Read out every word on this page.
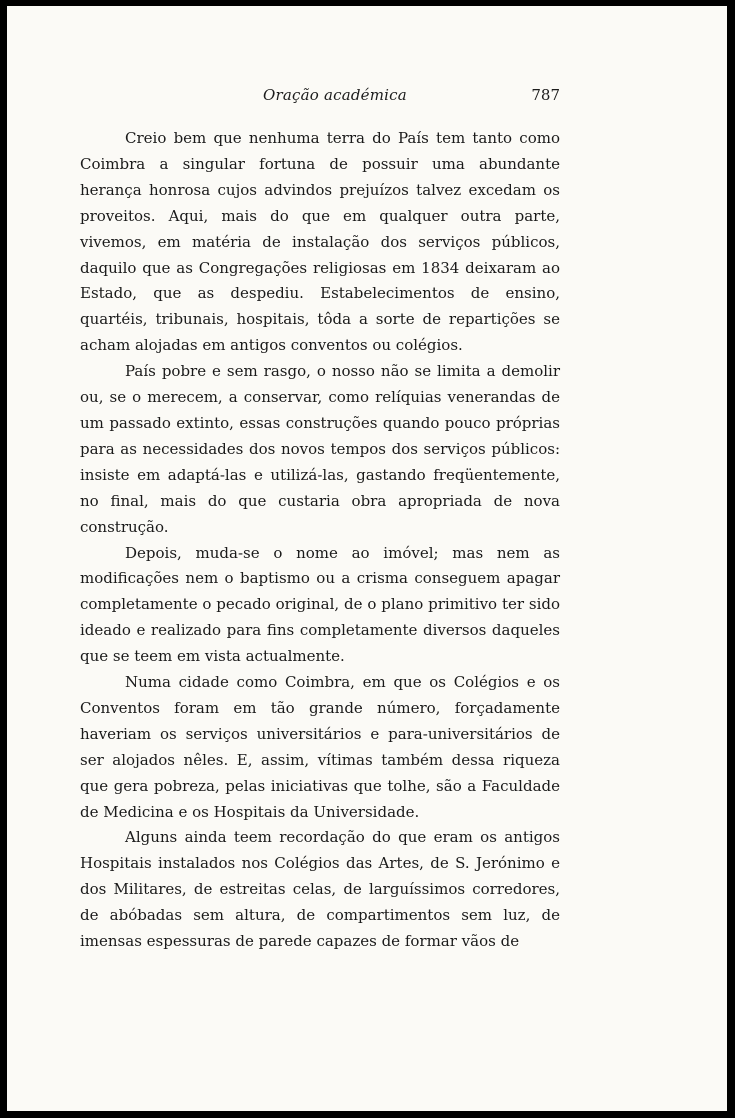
Oração académica	787

Creio bem que nenhuma terra do País tem tanto como Coimbra a singular fortuna de possuir uma abundante herança honrosa cujos advindos prejuízos talvez excedam os proveitos. Aqui, mais do que em qualquer outra parte, vivemos, em matéria de instalação dos serviços públicos, daquilo que as Congregações religiosas em 1834 deixaram ao Estado, que as despediu. Estabelecimentos de ensino, quartéis, tribunais, hospitais, tôda a sorte de repartições se acham alojadas em antigos conventos ou colégios.

País pobre e sem rasgo, o nosso não se limita a demolir ou, se o merecem, a conservar, como relíquias venerandas de um passado extinto, essas construções quando pouco próprias para as necessidades dos novos tempos dos serviços públicos: insiste em adaptá-las e utilizá-las, gastando freqüentemente, no final, mais do que custaria obra apropriada de nova construção.

Depois, muda-se o nome ao imóvel; mas nem as modificações nem o baptismo ou a crisma conseguem apagar completamente o pecado original, de o plano primitivo ter sido ideado e realizado para fins completamente diversos daqueles que se teem em vista actualmente.

Numa cidade como Coimbra, em que os Colégios e os Conventos foram em tão grande número, forçadamente haveriam os serviços universitários e para-universitários de ser alojados nêles. E, assim, vítimas também dessa riqueza que gera pobreza, pelas iniciativas que tolhe, são a Faculdade de Medicina e os Hospitais da Universidade.

Alguns ainda teem recordação do que eram os antigos Hospitais instalados nos Colégios das Artes, de S. Jerónimo e dos Militares, de estreitas celas, de larguíssimos corredores, de abóbadas sem altura, de compartimentos sem luz, de imensas espessuras de parede capazes de formar vãos de
